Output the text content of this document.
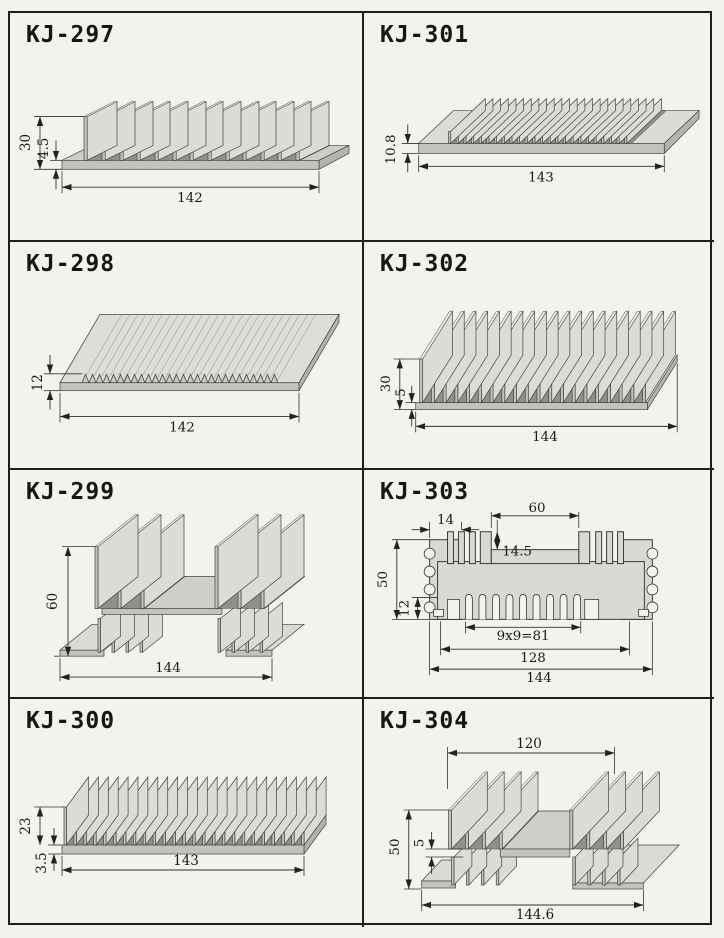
KJ-297
30 4.5
142
KJ-301
10.8
143
KJ-298
12
142
KJ-302
30
5
144
KJ-299
60
144
KJ-303
14
60
14.5
50
12
9x9=81
128
144
KJ-300
23
3.5	143
KJ-304
120
50 5
144.6
